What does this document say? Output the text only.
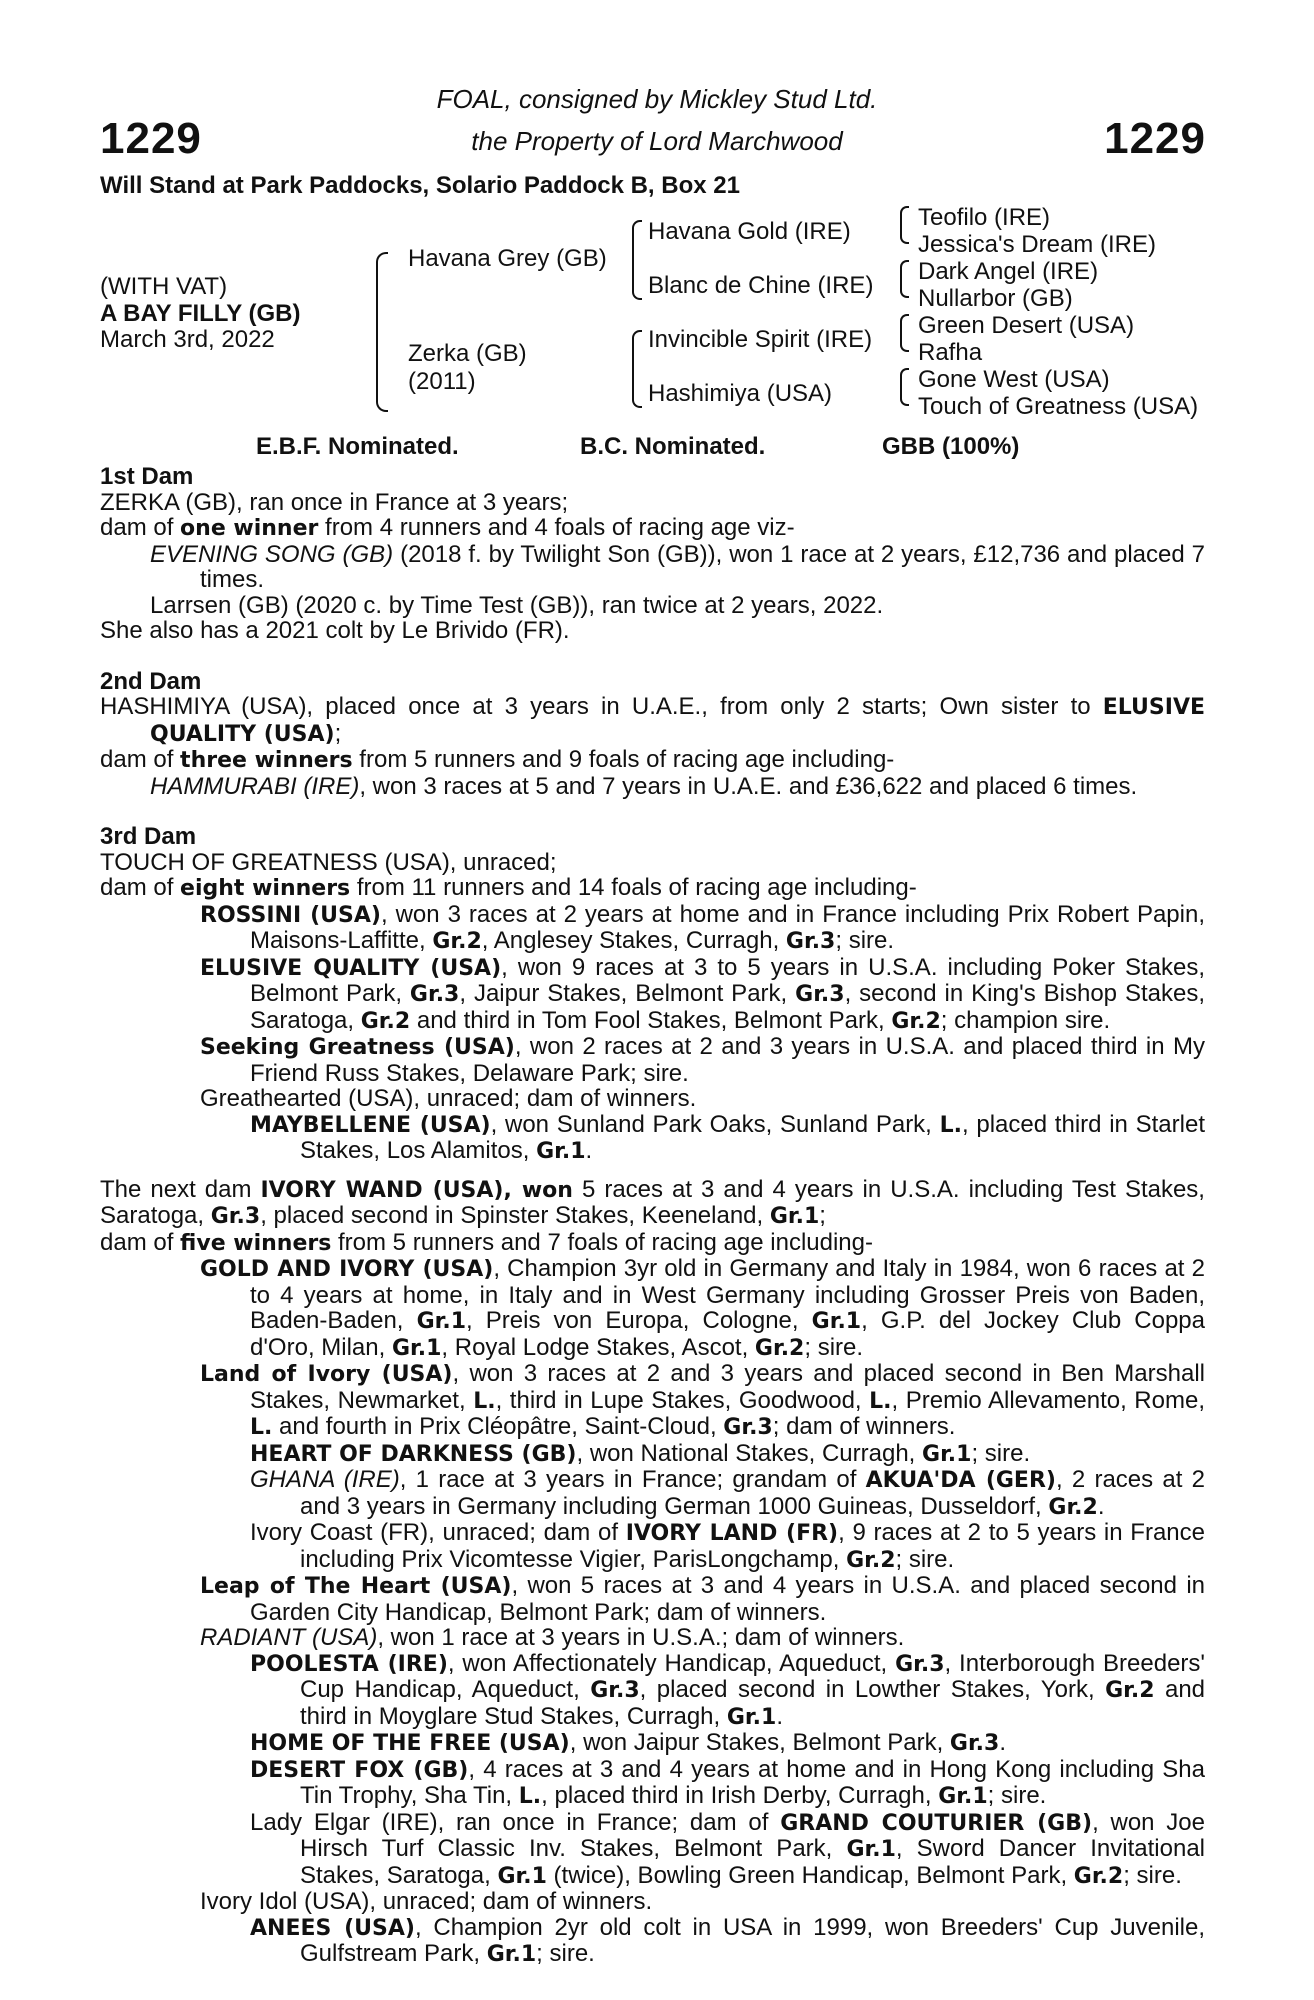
1229	1229
FOAL, consigned by Mickley Stud Ltd.
the Property of Lord Marchwood
Will Stand at Park Paddocks, Solario Paddock B, Box 21
(WITH VAT)
A BAY FILLY (GB)
March 3rd, 2022
Havana Grey (GB)
Zerka (GB)
(2011)
Havana Gold (IRE)
Blanc de Chine (IRE)
Invincible Spirit (IRE)
Hashimiya (USA)
Teofilo (IRE)
Jessica's Dream (IRE)
Dark Angel (IRE)
Nullarbor (GB)
Green Desert (USA)
Rafha
Gone West (USA)
Touch of Greatness (USA)
E.B.F. Nominated.	B.C. Nominated.	GBB (100%)

1st Dam

ZERKA (GB), ran once in France at 3 years;

dam of one winner from 4 runners and 4 foals of racing age viz-

EVENING SONG (GB) (2018 f. by Twilight Son (GB)), won 1 race at 2 years, £12,736 and placed 7 times.

Larrsen (GB) (2020 c. by Time Test (GB)), ran twice at 2 years, 2022.

She also has a 2021 colt by Le Brivido (FR).

2nd Dam

HASHIMIYA (USA), placed once at 3 years in U.A.E., from only 2 starts; Own sister to ELUSIVE QUALITY (USA);

dam of three winners from 5 runners and 9 foals of racing age including-

HAMMURABI (IRE), won 3 races at 5 and 7 years in U.A.E. and £36,622 and placed 6 times.

3rd Dam

TOUCH OF GREATNESS (USA), unraced;

dam of eight winners from 11 runners and 14 foals of racing age including-

ROSSINI (USA), won 3 races at 2 years at home and in France including Prix Robert Papin, Maisons-Laffitte, Gr.2, Anglesey Stakes, Curragh, Gr.3; sire.

ELUSIVE QUALITY (USA), won 9 races at 3 to 5 years in U.S.A. including Poker Stakes, Belmont Park, Gr.3, Jaipur Stakes, Belmont Park, Gr.3, second in King's Bishop Stakes, Saratoga, Gr.2 and third in Tom Fool Stakes, Belmont Park, Gr.2; champion sire.

Seeking Greatness (USA), won 2 races at 2 and 3 years in U.S.A. and placed third in My Friend Russ Stakes, Delaware Park; sire.

Greathearted (USA), unraced; dam of winners.

MAYBELLENE (USA), won Sunland Park Oaks, Sunland Park, L., placed third in Starlet Stakes, Los Alamitos, Gr.1.

The next dam IVORY WAND (USA), won 5 races at 3 and 4 years in U.S.A. including Test Stakes, Saratoga, Gr.3, placed second in Spinster Stakes, Keeneland, Gr.1;

dam of five winners from 5 runners and 7 foals of racing age including-

GOLD AND IVORY (USA), Champion 3yr old in Germany and Italy in 1984, won 6 races at 2 to 4 years at home, in Italy and in West Germany including Grosser Preis von Baden, Baden-Baden, Gr.1, Preis von Europa, Cologne, Gr.1, G.P. del Jockey Club Coppa d'Oro, Milan, Gr.1, Royal Lodge Stakes, Ascot, Gr.2; sire.

Land of Ivory (USA), won 3 races at 2 and 3 years and placed second in Ben Marshall Stakes, Newmarket, L., third in Lupe Stakes, Goodwood, L., Premio Allevamento, Rome, L. and fourth in Prix Cléopâtre, Saint-Cloud, Gr.3; dam of winners.

HEART OF DARKNESS (GB), won National Stakes, Curragh, Gr.1; sire.

GHANA (IRE), 1 race at 3 years in France; grandam of AKUA'DA (GER), 2 races at 2 and 3 years in Germany including German 1000 Guineas, Dusseldorf, Gr.2.

Ivory Coast (FR), unraced; dam of IVORY LAND (FR), 9 races at 2 to 5 years in France including Prix Vicomtesse Vigier, ParisLongchamp, Gr.2; sire.

Leap of The Heart (USA), won 5 races at 3 and 4 years in U.S.A. and placed second in Garden City Handicap, Belmont Park; dam of winners.

RADIANT (USA), won 1 race at 3 years in U.S.A.; dam of winners.

POOLESTA (IRE), won Affectionately Handicap, Aqueduct, Gr.3, Interborough Breeders' Cup Handicap, Aqueduct, Gr.3, placed second in Lowther Stakes, York, Gr.2 and third in Moyglare Stud Stakes, Curragh, Gr.1.

HOME OF THE FREE (USA), won Jaipur Stakes, Belmont Park, Gr.3.

DESERT FOX (GB), 4 races at 3 and 4 years at home and in Hong Kong including Sha Tin Trophy, Sha Tin, L., placed third in Irish Derby, Curragh, Gr.1; sire.

Lady Elgar (IRE), ran once in France; dam of GRAND COUTURIER (GB), won Joe Hirsch Turf Classic Inv. Stakes, Belmont Park, Gr.1, Sword Dancer Invitational Stakes, Saratoga, Gr.1 (twice), Bowling Green Handicap, Belmont Park, Gr.2; sire.

Ivory Idol (USA), unraced; dam of winners.

ANEES (USA), Champion 2yr old colt in USA in 1999, won Breeders' Cup Juvenile, Gulfstream Park, Gr.1; sire.
